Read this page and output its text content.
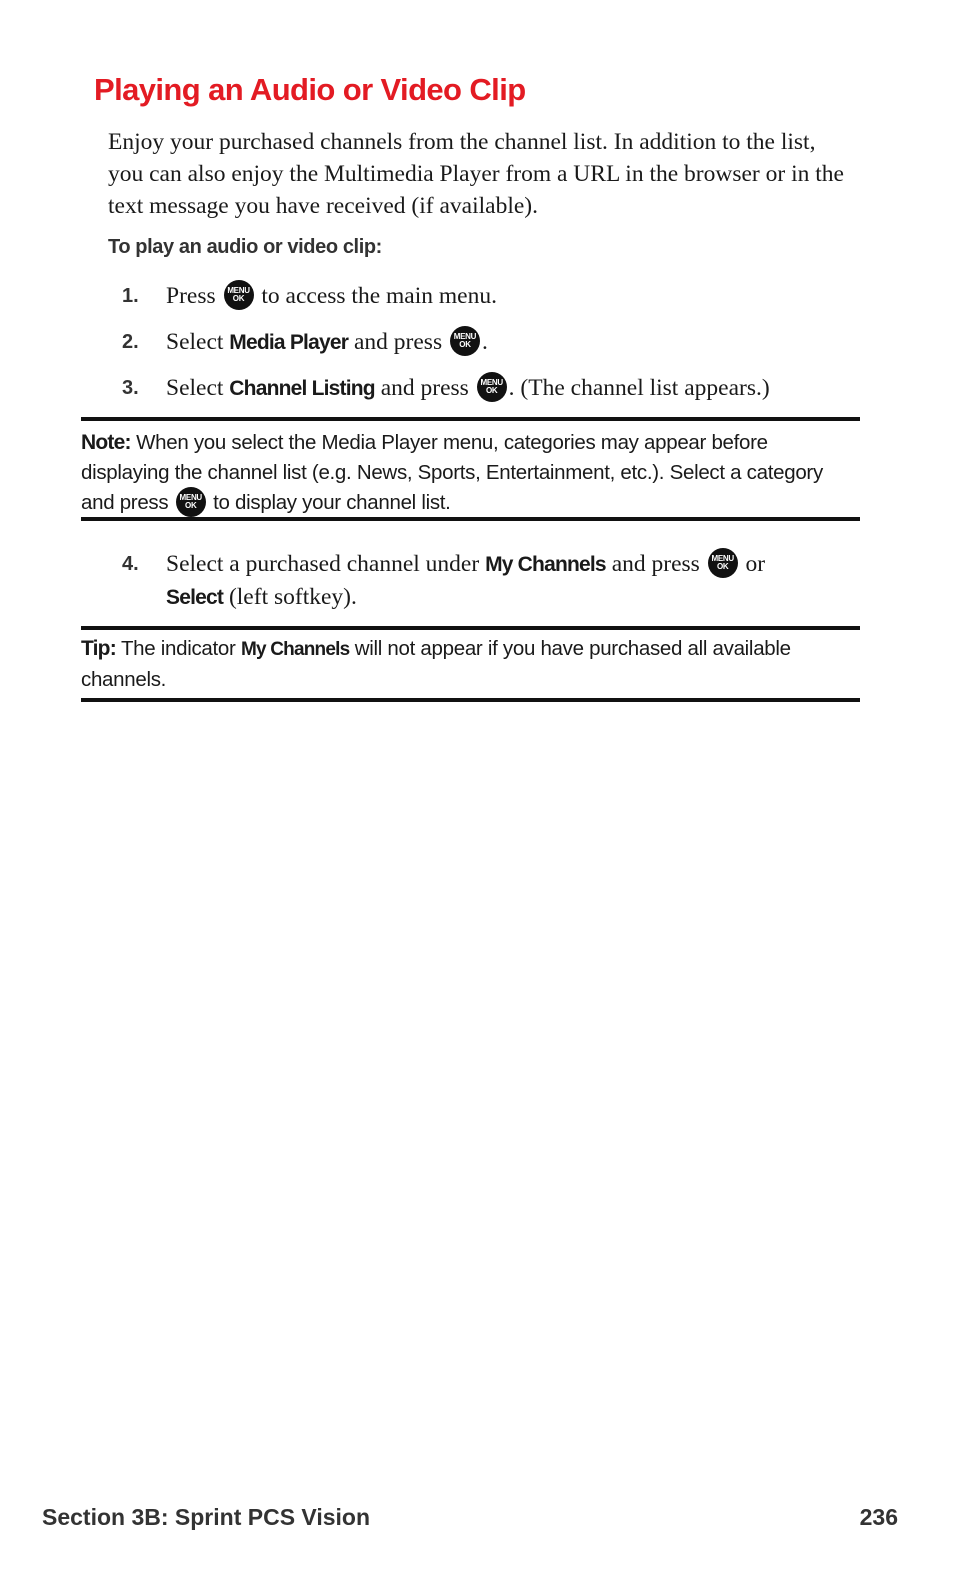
Playing an Audio or Video Clip

Enjoy your purchased channels from the channel list. In addition to the list, you can also enjoy the Multimedia Player from a URL in the browser or in the text message you have received (if available).

To play an audio or video clip:

1. Press	MENU
OK to access the main menu.
2. Select Media Player and press	MENU
OK .
3. Select Channel Listing and press	MENU
OK . (The channel list appears.)

Note: When you select the Media Player menu, categories may appear before displaying the channel list (e.g. News, Sports, Entertainment, etc.). Select a category and press	MENU
OK to display your channel list.

4. Select a purchased channel under My Channels and press	MENU
OK or
Select (left softkey).

Tip: The indicator My Channels will not appear if you have purchased all available channels.

Section 3B: Sprint PCS Vision	236
